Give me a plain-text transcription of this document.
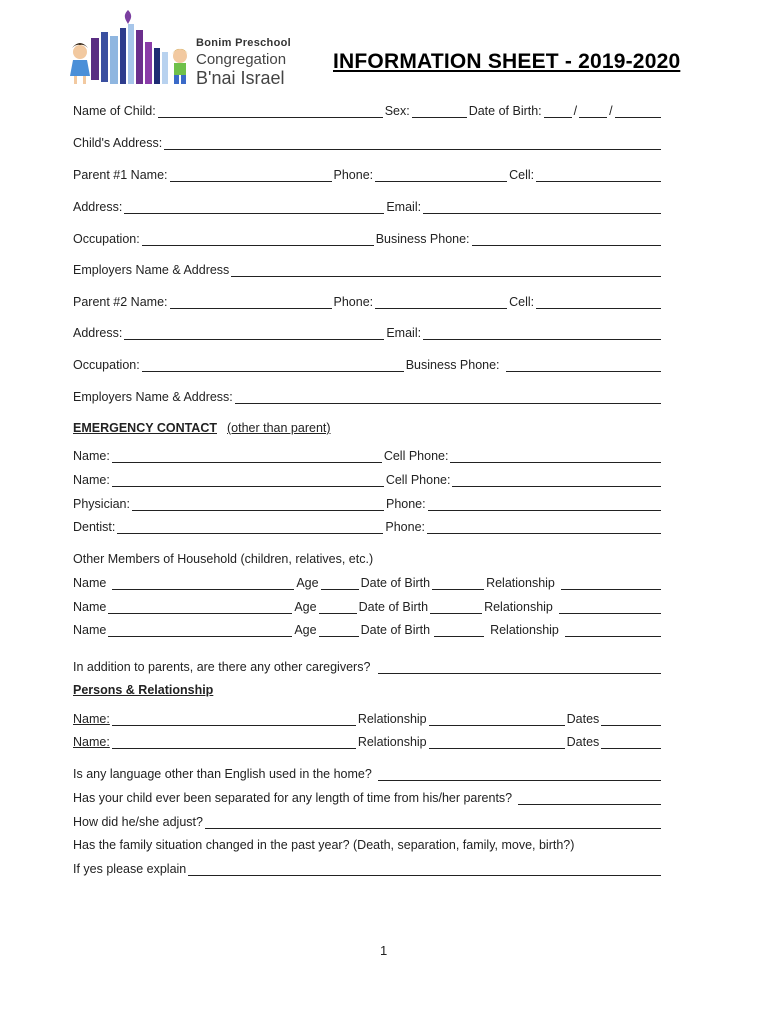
Bonim Preschool
Congregation
B'nai Israel
INFORMATION SHEET - 2019-2020
Name of Child:	Sex:	Date of Birth:	/	/
Child's Address:
Parent #1 Name:	Phone:	Cell:
Address:	Email:
Occupation:	Business Phone:
Employers Name & Address
Parent #2 Name:	Phone:	Cell:
Address:	Email:
Occupation:	Business Phone:
Employers Name & Address:
EMERGENCY CONTACT (other than parent)
Name:	Cell Phone:
Name:	Cell Phone:
Physician:	Phone:
Dentist:	Phone:
Other Members of Household (children, relatives, etc.)
Name	Age	Date of Birth	Relationship
Name	Age	Date of Birth	Relationship
Name	Age	Date of Birth	Relationship
In addition to parents, are there any other caregivers?
Persons & Relationship
Name:	Relationship	Dates
Name:	Relationship	Dates
Is any language other than English used in the home?
Has your child ever been separated for any length of time from his/her parents?
How did he/she adjust?
Has the family situation changed in the past year? (Death, separation, family, move, birth?)
If yes please explain
1
